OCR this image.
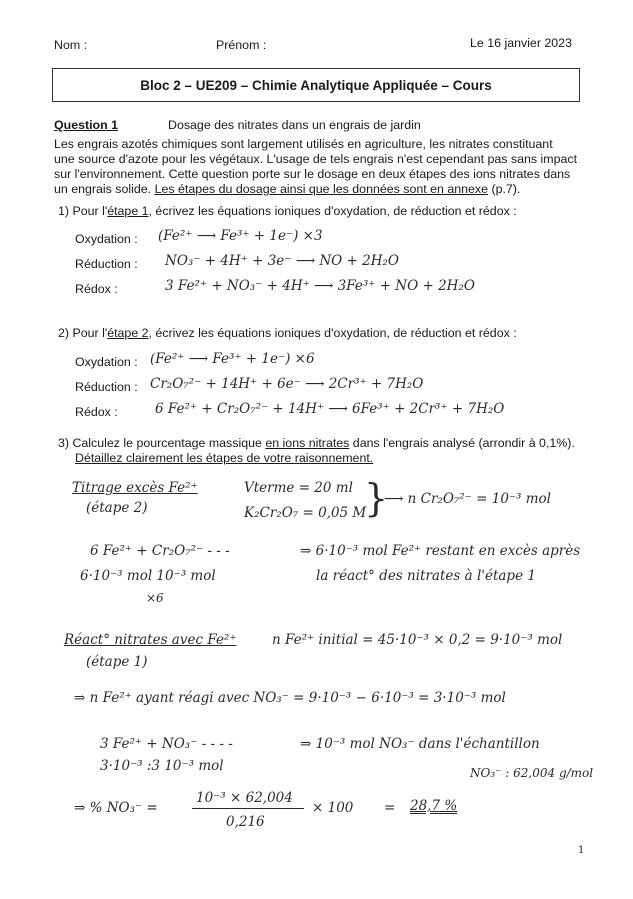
Nom :	Prénom :	Le 16 janvier 2023
Bloc 2 – UE209 – Chimie Analytique Appliquée – Cours
Question 1	Dosage des nitrates dans un engrais de jardin
Les engrais azotés chimiques sont largement utilisés en agriculture, les nitrates constituant
une source d'azote pour les végétaux. L'usage de tels engrais n'est cependant pas sans impact
sur l'environnement. Cette question porte sur le dosage en deux étapes des ions nitrates dans
un engrais solide. Les étapes du dosage ainsi que les données sont en annexe (p.7).
1) Pour l'étape 1, écrivez les équations ioniques d'oxydation, de réduction et rédox :
Oxydation : (Fe²⁺ ⟶ Fe³⁺ + 1e⁻) ×3
Réduction : NO₃⁻ + 4H⁺ + 3e⁻ ⟶ NO + 2H₂O
Rédox :	3 Fe²⁺ + NO₃⁻ + 4H⁺ ⟶ 3Fe³⁺ + NO + 2H₂O
2) Pour l'étape 2, écrivez les équations ioniques d'oxydation, de réduction et rédox :
Oxydation : (Fe²⁺ ⟶ Fe³⁺ + 1e⁻) ×6
Réduction : Cr₂O₇²⁻ + 14H⁺ + 6e⁻ ⟶ 2Cr³⁺ + 7H₂O
Rédox :	6 Fe²⁺ + Cr₂O₇²⁻ + 14H⁺ ⟶ 6Fe³⁺ + 2Cr³⁺ + 7H₂O
3) Calculez le pourcentage massique en ions nitrates dans l'engrais analysé (arrondir à 0,1%).
Détaillez clairement les étapes de votre raisonnement.
Titrage excès Fe²⁺
(étape 2)
Vterme = 20 ml
K₂Cr₂O₇ = 0,05 M
}
⟶ n Cr₂O₇²⁻ = 10⁻³ mol
6 Fe²⁺ + Cr₂O₇²⁻ - - -
6·10⁻³ mol 10⁻³ mol
×6
⇒ 6·10⁻³ mol Fe²⁺ restant en excès après
la réact° des nitrates à l'étape 1
Réact° nitrates avec Fe²⁺
(étape 1)
n Fe²⁺ initial = 45·10⁻³ × 0,2 = 9·10⁻³ mol
⇒ n Fe²⁺ ayant réagi avec NO₃⁻ = 9·10⁻³ − 6·10⁻³ = 3·10⁻³ mol
3 Fe²⁺ + NO₃⁻ - - - -
3·10⁻³ :3 10⁻³ mol
⇒ 10⁻³ mol NO₃⁻ dans l'échantillon
NO₃⁻ : 62,004 g/mol
⇒ % NO₃⁻ =
10⁻³ × 62,004
0,216
× 100 = 28,7 %
1
